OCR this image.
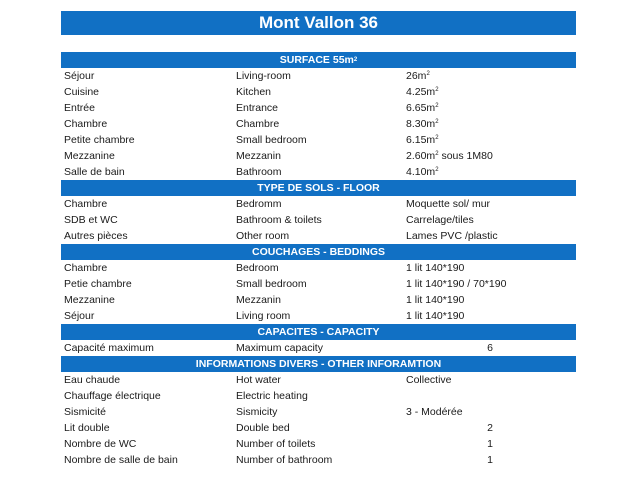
Mont Vallon 36
SURFACE 55m 2
Séjour	Living-room	$26m^2$
Cuisine	Kitchen	$4.25m^2$
Entrée	Entrance	$6.65m^2$
Chambre	Chambre	$8.30m^2$
Petite chambre	Small bedroom	$6.15m^2$
Mezzanine	Mezzanin	$2.60m^2$ sous 1M80
Salle de bain	Bathroom	$4.10m^2$
TYPE DE SOLS - FLOOR
Chambre	Bedromm	Moquette sol/ mur
SDB et WC	Bathroom & toilets	Carrelage/tiles
Autres pièces	Other room	Lames PVC /plastic
COUCHAGES - BEDDINGS
Chambre	Bedroom	1 lit 140*190
Petie chambre	Small bedroom	1 lit 140*190 / 70*190
Mezzanine	Mezzanin	1 lit 140*190
Séjour	Living room	1 lit 140*190
CAPACITES - CAPACITY
Capacité maximum	Maximum capacity	6
INFORMATIONS DIVERS - OTHER INFORAMTION
Eau chaude	Hot water	Collective
Chauffage électrique	Electric heating
Sismicité	Sismicity	3 - Modérée
Lit double	Double bed	2
Nombre de WC	Number of toilets	1
Nombre de salle de bain	Number of bathroom	1
